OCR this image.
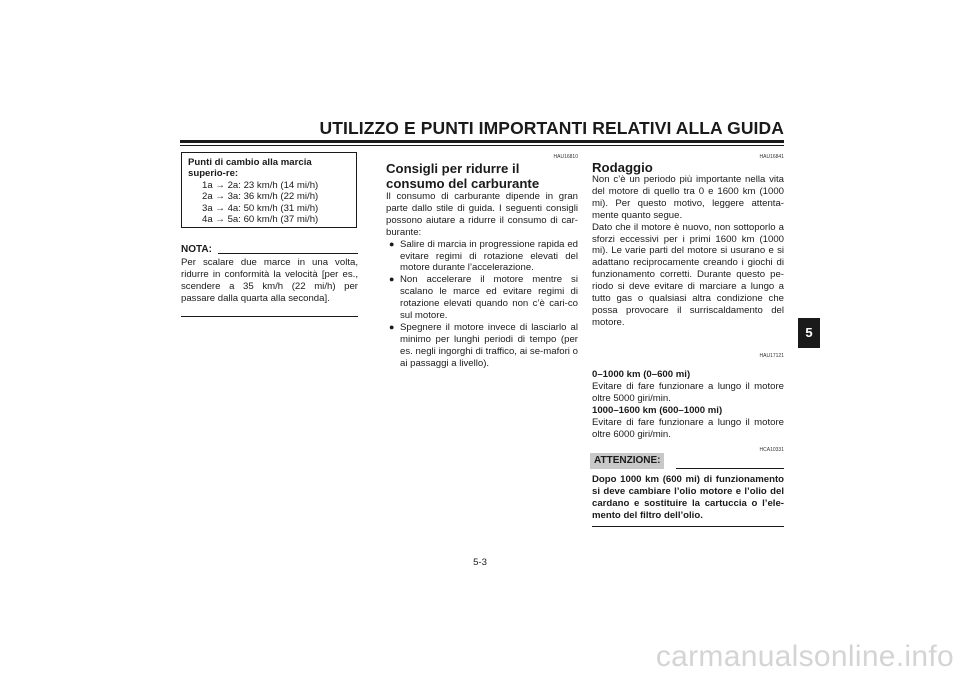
UTILIZZO E PUNTI IMPORTANTI RELATIVI ALLA GUIDA
5
Punti di cambio alla marcia superio-re:
1a → 2a: 23 km/h (14 mi/h)
2a → 3a: 36 km/h (22 mi/h)
3a → 4a: 50 km/h (31 mi/h)
4a → 5a: 60 km/h (37 mi/h)
NOTA:
Per scalare due marce in una volta, ridurre in conformità la velocità [per es., scendere a 35 km/h (22 mi/h) per passare dalla quarta alla seconda].
HAU16810
Consigli per ridurre il consumo del carburante
Il consumo di carburante dipende in gran parte dallo stile di guida. I seguenti consigli possono aiutare a ridurre il consumo di car-burante:
● Salire di marcia in progressione rapida ed evitare regimi di rotazione elevati del motore durante l’accelerazione.
● Non accelerare il motore mentre si scalano le marce ed evitare regimi di rotazione elevati quando non c’è cari-co sul motore.
● Spegnere il motore invece di lasciarlo al minimo per lunghi periodi di tempo (per es. negli ingorghi di traffico, ai se-mafori o ai passaggi a livello).
HAU16841
Rodaggio
Non c’è un periodo più importante nella vita del motore di quello tra 0 e 1600 km (1000 mi). Per questo motivo, leggere attenta-mente quanto segue.
Dato che il motore è nuovo, non sottoporlo a sforzi eccessivi per i primi 1600 km (1000 mi). Le varie parti del motore si usurano e si adattano reciprocamente creando i giochi di funzionamento corretti. Durante questo pe-riodo si deve evitare di marciare a lungo a tutto gas o qualsiasi altra condizione che possa provocare il surriscaldamento del motore.
HAU17121
0–1000 km (0–600 mi)
Evitare di fare funzionare a lungo il motore oltre 5000 giri/min.
1000–1600 km (600–1000 mi)
Evitare di fare funzionare a lungo il motore oltre 6000 giri/min.
HCA10331
ATTENZIONE:
Dopo 1000 km (600 mi) di funzionamento si deve cambiare l’olio motore e l’olio del cardano e sostituire la cartuccia o l’ele-mento del filtro dell’olio.
5-3
carmanualsonline.info
